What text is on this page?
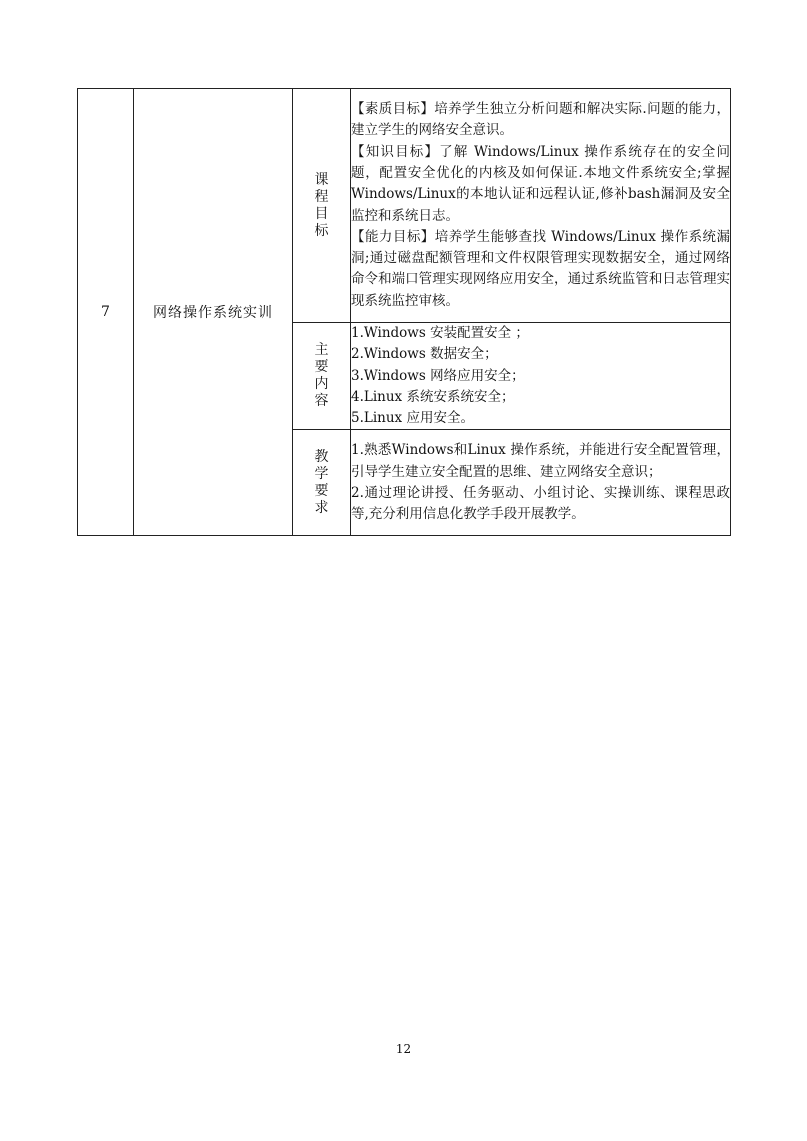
7	网络操作系统实训	课程目标	【素质目标】培养学生独立分析问题和解决实际.问题的能力，建立学生的网络安全意识。

【知识目标】了解 Windows/Linux 操作系统存在的安全问题，配置安全优化的内核及如何保证.本地文件系统安全;掌握Windows/Linux的本地认证和远程认证,修补bash漏洞及安全监控和系统日志。

【能力目标】培养学生能够查找 Windows/Linux 操作系统漏洞;通过磁盘配额管理和文件权限管理实现数据安全，通过网络命令和端口管理实现网络应用安全，通过系统监管和日志管理实现系统监控审核。

		主要内容	1.Windows 安装配置安全 ；

2.Windows 数据安全；

3.Windows 网络应用安全；

4.Linux 系统安系统安全；

5.Linux 应用安全。

		教学要求	1.熟悉Windows和Linux 操作系统，并能进行安全配置管理，引导学生建立安全配置的思维、建立网络安全意识；

2.通过理论讲授、任务驱动、小组讨论、实操训练、课程思政等,充分利用信息化教学手段开展教学。

12
